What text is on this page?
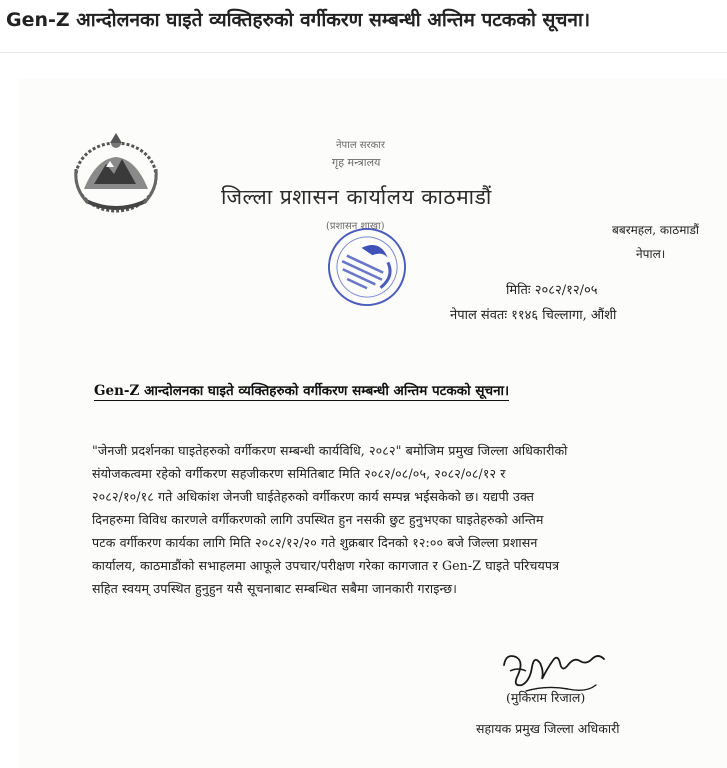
Gen-Z आन्दोलनका घाइते व्यक्तिहरुको वर्गीकरण सम्बन्धी अन्तिम पटकको सूचना।
नेपाल सरकार
गृह मन्त्रालय
जिल्ला प्रशासन कार्यालय काठमाडौं
(प्रशासन शाखा)	बबरमहल, काठमाडौं
नेपाल।
मितिः २०८२/१२/०५
नेपाल संवतः ११४६ चिल्लागा, औंशी
Gen-Z आन्दोलनका घाइते व्यक्तिहरुको वर्गीकरण सम्बन्धी अन्तिम पटकको सूचना।
"जेनजी प्रदर्शनका घाइतेहरुको वर्गीकरण सम्बन्धी कार्यविधि, २०८२" बमोजिम प्रमुख जिल्ला अधिकारीको
संयोजकत्वमा रहेको वर्गीकरण सहजीकरण समितिबाट मिति २०८२/०८/०५, २०८२/०८/१२ र
२०८२/१०/१८ गते अधिकांश जेनजी घाईतेहरुको वर्गीकरण कार्य सम्पन्न भईसकेको छ। यद्यपी उक्त
दिनहरुमा विविध कारणले वर्गीकरणको लागि उपस्थित हुन नसकी छुट हुनुभएका घाइतेहरुको अन्तिम
पटक वर्गीकरण कार्यका लागि मिति २०८२/१२/२० गते शुक्रबार दिनको १२:०० बजे जिल्ला प्रशासन
कार्यालय, काठमाडौंको सभाहलमा आफूले उपचार/परीक्षण गरेका कागजात र Gen-Z घाइते परिचयपत्र
सहित स्वयम् उपस्थित हुनुहुन यसै सूचनाबाट सम्बन्धित सबैमा जानकारी गराइन्छ।
(मुकिराम रिजाल)
सहायक प्रमुख जिल्ला अधिकारी
